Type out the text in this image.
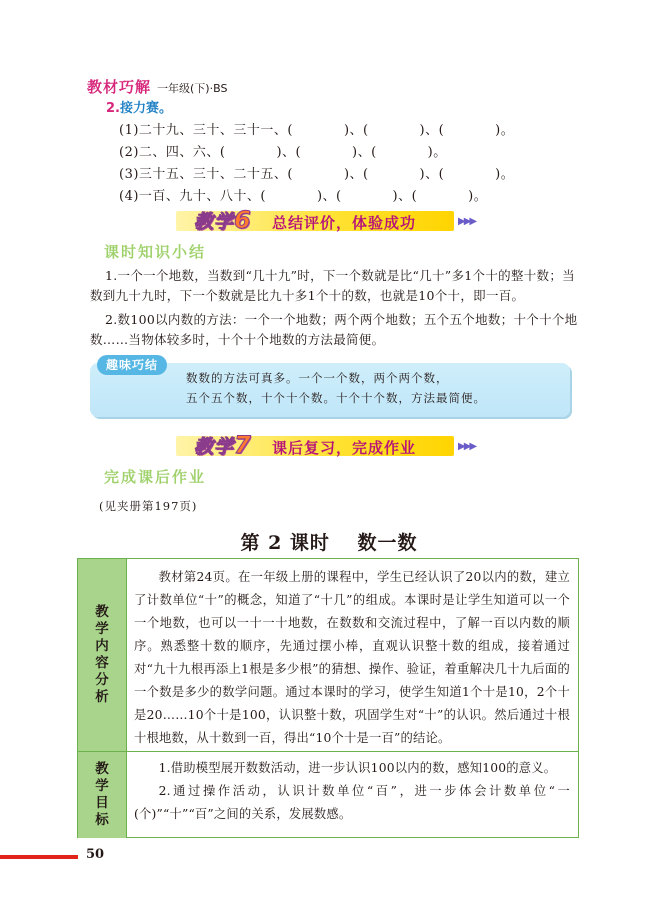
教材巧解 一年级(下)·BS
2.接力赛。
(1)二十九、三十、三十一、(           )、(           )、(           )。
(2)二、四、六、(           )、(           )、(           )。
(3)三十五、三十、二十五、(           )、(           )、(           )。
(4)一百、九十、八十、(           )、(           )、(           )。
教学6 总结评价，体验成功	▶▶▶
课时知识小结
1.一个一个地数，当数到“几十九”时，下一个数就是比“几十”多1个十的整十数；当数到九十九时，下一个数就是比九十多1个十的数，也就是10个十，即一百。
2.数100以内数的方法：一个一个地数；两个两个地数；五个五个地数；十个十个地数……当物体较多时，十个十个地数的方法最简便。
趣味巧结
数数的方法可真多。一个一个数，两个两个数，
五个五个数，十个十个数。十个十个数，方法最简便。
教学7 课后复习，完成作业	▶▶▶
完成课后作业
(见夹册第197页)
第 2 课时　 数一数
教学内容分析

教材第24页。在一年级上册的课程中，学生已经认识了20以内的数，建立了计数单位“十”的概念，知道了“十几”的组成。本课时是让学生知道可以一个一个地数，也可以一十一十地数，在数数和交流过程中，了解一百以内数的顺序。熟悉整十数的顺序，先通过摆小棒，直观认识整十数的组成，接着通过对“九十九根再添上1根是多少根”的猜想、操作、验证，着重解决几十九后面的一个数是多少的数学问题。通过本课时的学习，使学生知道1个十是10，2个十是20……10个十是100，认识整十数，巩固学生对“十”的认识。然后通过十根十根地数，从十数到一百，得出“10个十是一百”的结论。

教学目标

1.借助模型展开数数活动，进一步认识100以内的数，感知100的意义。

2.通过操作活动，认识计数单位“百”，进一步体会计数单位“一(个)”“十”“百”之间的关系，发展数感。

50
